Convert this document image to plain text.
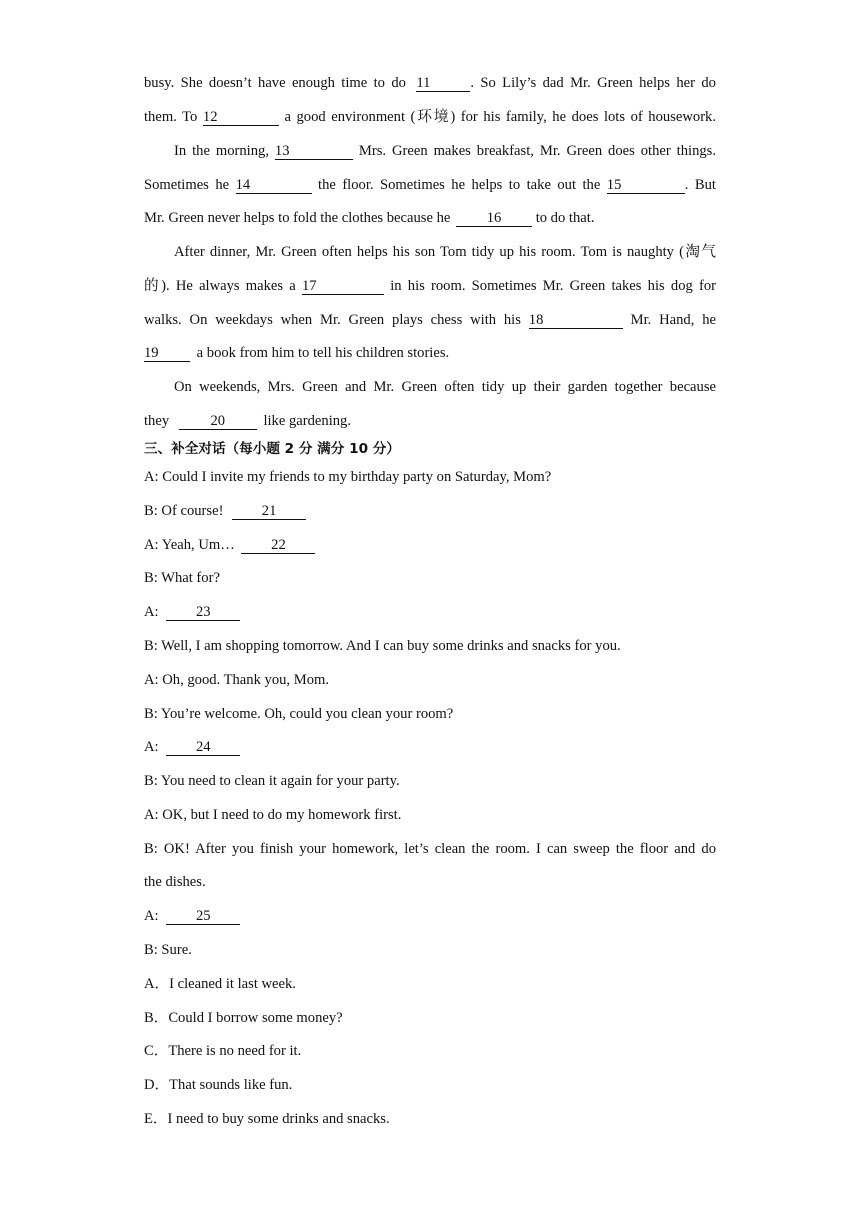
busy. She doesn’t have enough time to do 11	. So Lily’s dad Mr. Green helps her do
them. To 12	a good environment (环境) for his family, he does lots of housework.
In the morning, 13	Mrs. Green makes breakfast, Mr. Green does other things.
Sometimes he 14	the floor. Sometimes he helps to take out the 15	. But
Mr. Green never helps to fold the clothes because he 16 to do that.
After dinner, Mr. Green often helps his son Tom tidy up his room. Tom is naughty (淘气
的). He always makes a 17	in his room. Sometimes Mr. Green takes his dog for
walks. On weekdays when Mr. Green plays chess with his 18	Mr. Hand, he
19	a book from him to tell his children stories.
On weekends, Mrs. Green and Mr. Green often tidy up their garden together because
they	20	like gardening.
三、补全对话（每小题 2 分 满分 10 分）
A: Could I invite my friends to my birthday party on Saturday, Mom?
B: Of course!	21
A: Yeah, Um… 22
B: What for?
A:	23
B: Well, I am shopping tomorrow. And I can buy some drinks and snacks for you.
A: Oh, good. Thank you, Mom.
B: You’re welcome. Oh, could you clean your room?
A:	24
B: You need to clean it again for your party.
A: OK, but I need to do my homework first.
B: OK! After you finish your homework, let’s clean the room. I can sweep the floor and do
the dishes.
A:	25
B: Sure.
A．I cleaned it last week.
B．Could I borrow some money?
C．There is no need for it.
D．That sounds like fun.
E．I need to buy some drinks and snacks.
